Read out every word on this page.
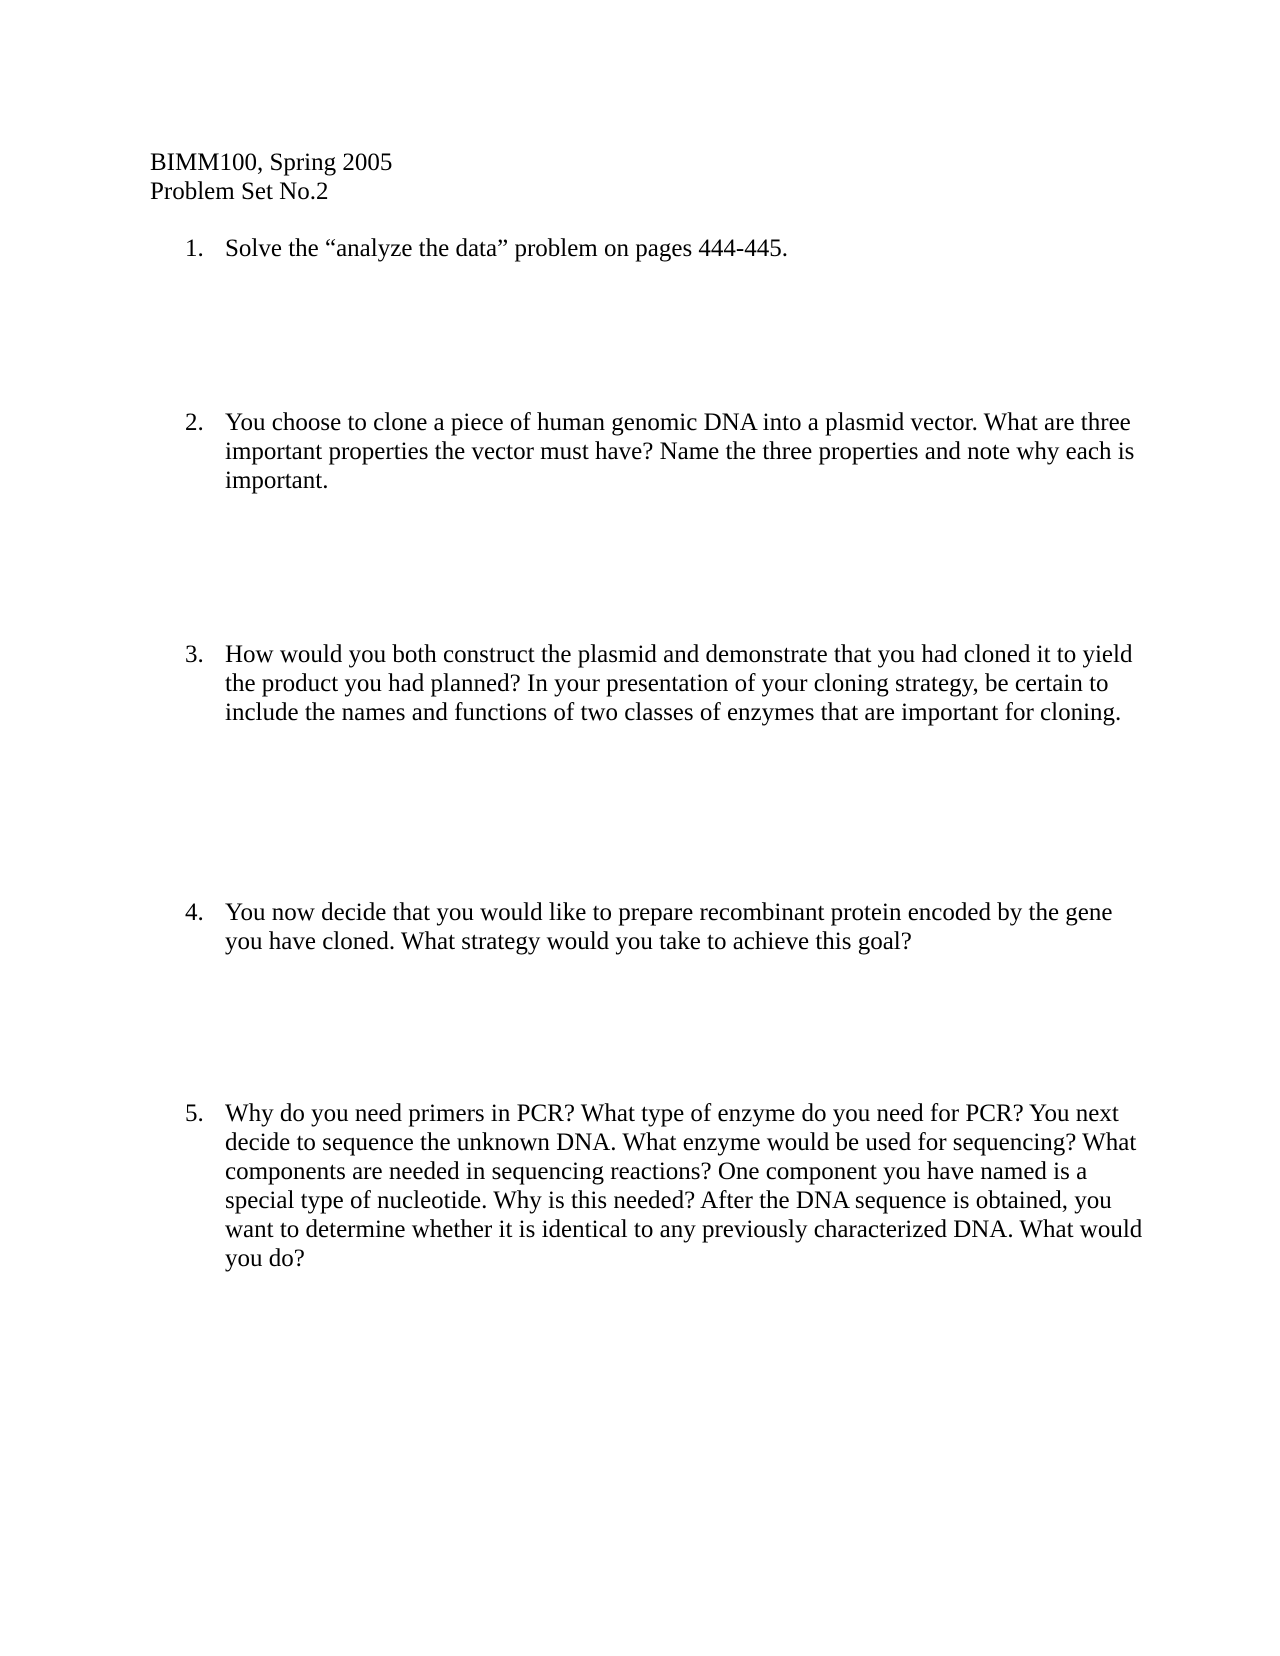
BIMM100, Spring 2005
Problem Set No.2
1. Solve the “analyze the data” problem on pages 444-445.
2. You choose to clone a piece of human genomic DNA into a plasmid vector. What are three important properties the vector must have? Name the three properties and note why each is important.
3. How would you both construct the plasmid and demonstrate that you had cloned it to yield the product you had planned? In your presentation of your cloning strategy, be certain to include the names and functions of two classes of enzymes that are important for cloning.
4. You now decide that you would like to prepare recombinant protein encoded by the gene you have cloned. What strategy would you take to achieve this goal?
5. Why do you need primers in PCR? What type of enzyme do you need for PCR? You next decide to sequence the unknown DNA. What enzyme would be used for sequencing? What components are needed in sequencing reactions? One component you have named is a special type of nucleotide. Why is this needed? After the DNA sequence is obtained, you want to determine whether it is identical to any previously characterized DNA. What would you do?
